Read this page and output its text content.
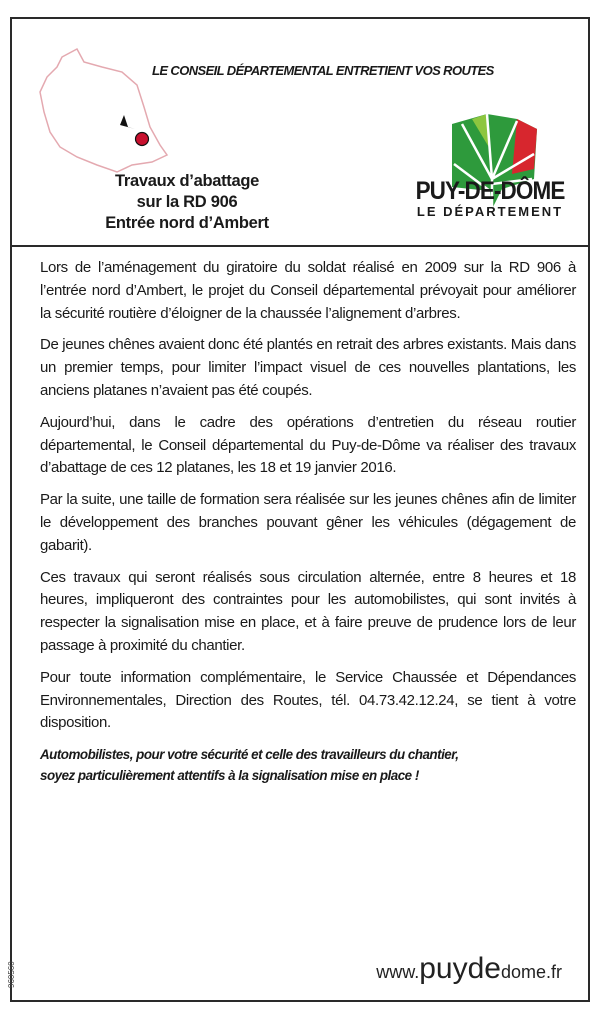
LE CONSEIL DÉPARTEMENTAL ENTRETIENT VOS ROUTES
Travaux d’abattage
sur la RD 906
Entrée nord d’Ambert
PUY-DE-DÔME
LE DÉPARTEMENT

Lors de l’aménagement du giratoire du soldat réalisé en 2009 sur la RD 906 à l’entrée nord d’Ambert, le projet du Conseil départemental prévoyait pour améliorer la sécurité routière d’éloigner de la chaussée l’alignement d’arbres.

De jeunes chênes avaient donc été plantés en retrait des arbres existants. Mais dans un premier temps, pour limiter l’impact visuel de ces nouvelles plantations, les anciens platanes n’avaient pas été coupés.

Aujourd’hui, dans le cadre des opérations d’entretien du réseau routier départemental, le Conseil départemental du Puy-de-Dôme va réaliser des travaux d’abattage de ces 12 platanes, les 18 et 19 janvier 2016.

Par la suite, une taille de formation sera réalisée sur les jeunes chênes afin de limiter le développement des branches pouvant gêner les véhicules (dégagement de gabarit).

Ces travaux qui seront réalisés sous circulation alternée, entre 8 heures et 18 heures, impliqueront des contraintes pour les automobilistes, qui sont invités à respecter la signalisation mise en place, et à faire preuve de prudence lors de leur passage à proximité du chantier.

Pour toute information complémentaire, le Service Chaussée et Dépendances Environnementales, Direction des Routes, tél. 04.73.42.12.24, se tient à votre disposition.

Automobilistes, pour votre sécurité et celle des travailleurs du chantier,
soyez particulièrement attentifs à la signalisation mise en place !
www.puydedome.fr
960560
